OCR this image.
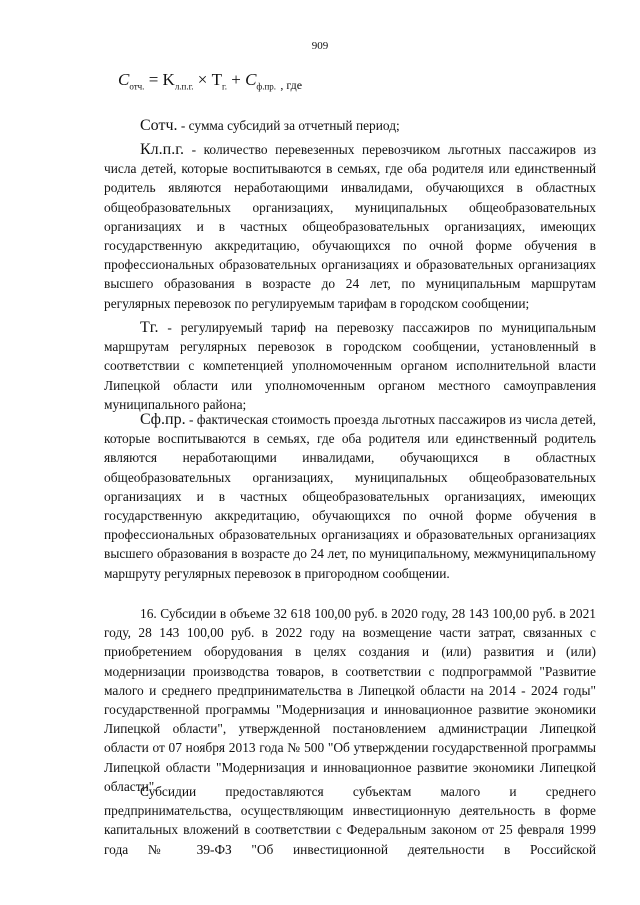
909
$C_{отч.} = K_{л.п.г.} \times T_{г.} + C_{ф.пр.}$ $_{, где}$
Сотч. - сумма субсидий за отчетный период;
Кл.п.г. - количество перевезенных перевозчиком льготных пассажиров из числа детей, которые воспитываются в семьях, где оба родителя или единственный родитель являются неработающими инвалидами, обучающихся в областных общеобразовательных организациях, муниципальных общеобразовательных организациях и в частных общеобразовательных организациях, имеющих государственную аккредитацию, обучающихся по очной форме обучения в профессиональных образовательных организациях и образовательных организациях высшего образования в возрасте до 24 лет, по муниципальным маршрутам регулярных перевозок по регулируемым тарифам в городском сообщении;
Тг. - регулируемый тариф на перевозку пассажиров по муниципальным маршрутам регулярных перевозок в городском сообщении, установленный в соответствии с компетенцией уполномоченным органом исполнительной власти Липецкой области или уполномоченным органом местного самоуправления муниципального района;
Сф.пр. - фактическая стоимость проезда льготных пассажиров из числа детей, которые воспитываются в семьях, где оба родителя или единственный родитель являются неработающими инвалидами, обучающихся в областных общеобразовательных организациях, муниципальных общеобразовательных организациях и в частных общеобразовательных организациях, имеющих государственную аккредитацию, обучающихся по очной форме обучения в профессиональных образовательных организациях и образовательных организациях высшего образования в возрасте до 24 лет, по муниципальному, межмуниципальному маршруту регулярных перевозок в пригородном сообщении.
16. Субсидии в объеме 32 618 100,00 руб. в 2020 году, 28 143 100,00 руб. в 2021 году, 28 143 100,00 руб. в 2022 году на возмещение части затрат, связанных с приобретением оборудования в целях создания и (или) развития и (или) модернизации производства товаров, в соответствии с подпрограммой "Развитие малого и среднего предпринимательства в Липецкой области на 2014 - 2024 годы" государственной программы "Модернизация и инновационное развитие экономики Липецкой области", утвержденной постановлением администрации Липецкой области от 07 ноября 2013 года № 500 "Об утверждении государственной программы Липецкой области "Модернизация и инновационное развитие экономики Липецкой области".
Субсидии предоставляются субъектам малого и среднего предпринимательства, осуществляющим инвестиционную деятельность в форме капитальных вложений в соответствии с Федеральным законом от 25 февраля 1999 года № 39-ФЗ "Об инвестиционной деятельности в Российской
